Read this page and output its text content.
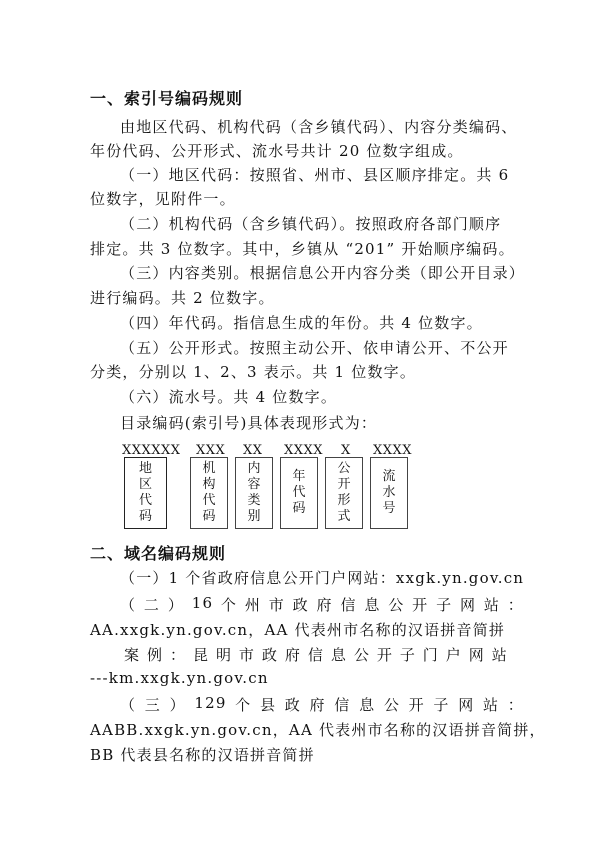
一、索引号编码规则
由地区代码、机构代码（含乡镇代码）、内容分类编码、
年份代码、公开形式、流水号共计 20 位数字组成。
（一）地区代码：按照省、州市、县区顺序排定。共 6
位数字，见附件一。
（二）机构代码（含乡镇代码）。按照政府各部门顺序
排定。共 3 位数字。其中，乡镇从 “201” 开始顺序编码。
（三）内容类别。根据信息公开内容分类（即公开目录）
进行编码。共 2 位数字。
（四）年代码。指信息生成的年份。共 4 位数字。
（五）公开形式。按照主动公开、依申请公开、不公开
分类，分别以 1、2、3 表示。共 1 位数字。
（六）流水号。共 4 位数字。
目录编码(索引号)具体表现形式为：
XXXXXX XXX XX XXXX X XXXX
地
区
代
码
机
构
代
码
内
容
类
别
年
代
码
公
开
形
式
流
水
号
二、域名编码规则
（一）1 个省政府信息公开门户网站：xxgk.yn.gov.cn
（ 二 ） 16 个 州 市 政 府 信 息 公 开 子 网 站 ：
AA.xxgk.yn.gov.cn，AA 代表州市名称的汉语拼音简拼
案 例 ： 昆 明 市 政 府 信 息 公 开 子 门 户 网 站
---km.xxgk.yn.gov.cn
（ 三 ） 129 个 县 政 府 信 息 公 开 子 网 站 ：
AABB.xxgk.yn.gov.cn，AA 代表州市名称的汉语拼音简拼，
BB 代表县名称的汉语拼音简拼
